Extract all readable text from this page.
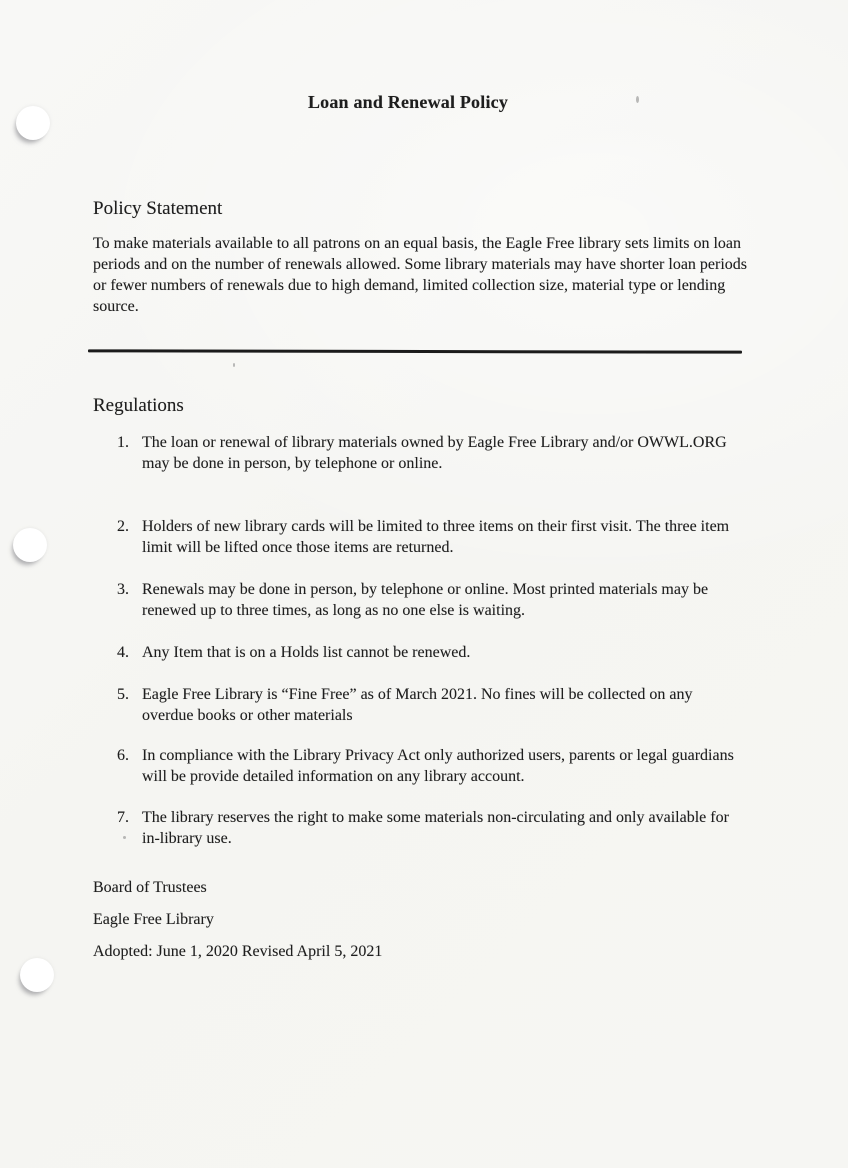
Loan and Renewal Policy
Policy Statement
To make materials available to all patrons on an equal basis, the Eagle Free library sets limits on loan periods and on the number of renewals allowed. Some library materials may have shorter loan periods or fewer numbers of renewals due to high demand, limited collection size, material type or lending source.
Regulations
1. The loan or renewal of library materials owned by Eagle Free Library and/or OWWL.ORG may be done in person, by telephone or online.
2. Holders of new library cards will be limited to three items on their first visit. The three item limit will be lifted once those items are returned.
3. Renewals may be done in person, by telephone or online. Most printed materials may be renewed up to three times, as long as no one else is waiting.
4. Any Item that is on a Holds list cannot be renewed.
5. Eagle Free Library is “Fine Free” as of March 2021. No fines will be collected on any overdue books or other materials
6. In compliance with the Library Privacy Act only authorized users, parents or legal guardians will be provide detailed information on any library account.
7. The library reserves the right to make some materials non-circulating and only available for in-library use.
Board of Trustees
Eagle Free Library
Adopted: June 1, 2020 Revised April 5, 2021
